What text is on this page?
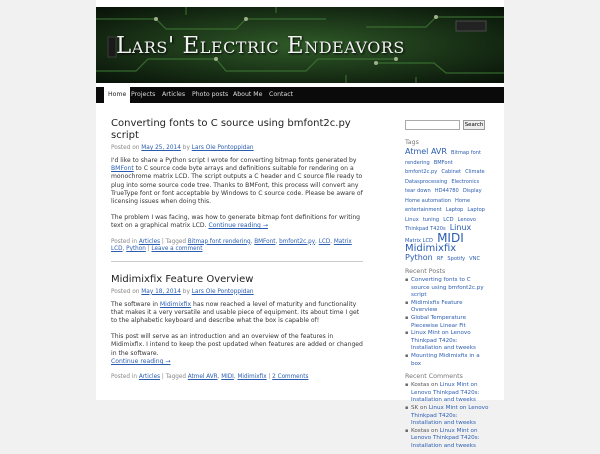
Lars' Electric Endeavors
Home Projects	Articles	Photo posts About Me	Contact
Converting fonts to C source using bmfont2c.py script
Posted on May 25, 2014 by Lars Ole Pontoppidan

I'd like to share a Python script I wrote for converting bitmap fonts generated by BMFont to C source code byte arrays and definitions suitable for rendering on a monochrome matrix LCD. The script outputs a C header and C source file ready to plug into some source code tree. Thanks to BMFont, this process will convert any TrueType font or font acceptable by Windows to C source code. Please be aware of licensing issues when doing this.

The problem I was facing, was how to generate bitmap font definitions for writing text on a graphical matrix LCD. Continue reading →

Posted in Articles | Tagged Bitmap font rendering, BMFont, bmfont2c.py, LCD, Matrix LCD, Python | Leave a comment

Midimixfix Feature Overview
Posted on May 18, 2014 by Lars Ole Pontoppidan

The software in Midimixfix has now reached a level of maturity and functionality that makes it a very versatile and usable piece of equipment. Its about time I get to the alphabetic keyboard and describe what the box is capable of!

This post will serve as an introduction and an overview of the features in Midimixfix. I intend to keep the post updated when features are added or changed in the software.
Continue reading →

Posted in Articles | Tagged Atmel AVR, MIDI, Midimixfix | 2 Comments

Search
Tags
Atmel AVR Bitmap font rendering BMFont bmfont2c.py Cabinet Climate Datasprocessing Electronics tear down HD44780 Display Home automation Home entertainment Laptop Laptop Linux tuning LCD Lenovo Thinkpad T420s Linux Matrix LCD MIDI Midimixfix Python RF Spotify VNC
Recent Posts
▪ Converting fonts to C source using bmfont2c.py script
▪ Midimixfix Feature Overview
▪ Global Temperature Piecewise Linear Fit
▪ Linux Mint on Lenovo Thinkpad T420s: Installation and tweeks
▪ Mounting Midimixfix in a box
Recent Comments
▪ Kostas on Linux Mint on Lenovo Thinkpad T420s: Installation and tweeks
▪ SK on Linux Mint on Lenovo Thinkpad T420s: Installation and tweeks
▪ Kostas on Linux Mint on Lenovo Thinkpad T420s: Installation and tweeks
